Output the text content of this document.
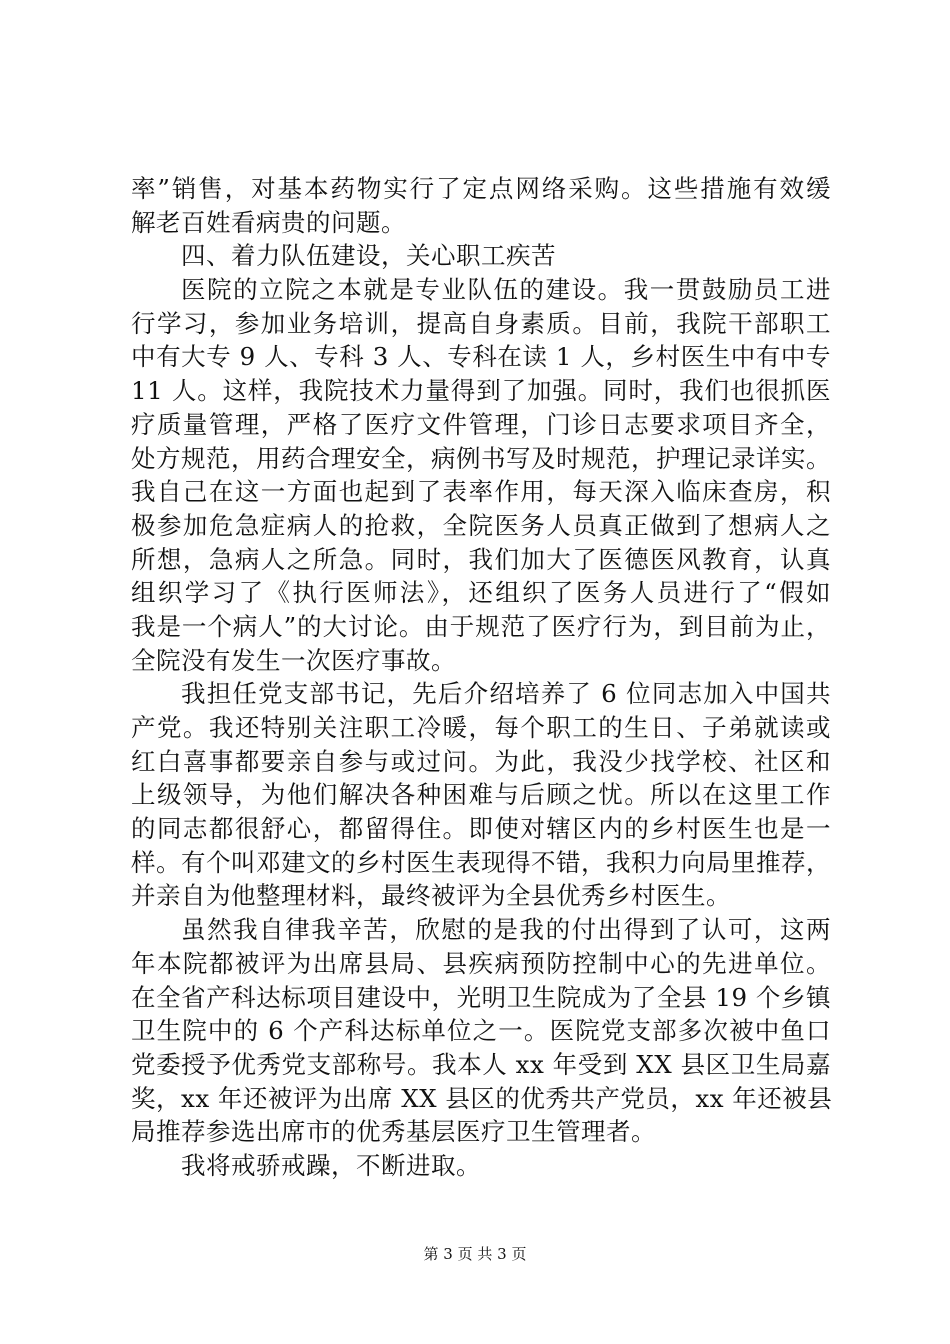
率”销售，对基本药物实行了定点网络采购。这些措施有效缓
解老百姓看病贵的问题。
四、着力队伍建设，关心职工疾苦
医院的立院之本就是专业队伍的建设。我一贯鼓励员工进
行学习，参加业务培训，提高自身素质。目前，我院干部职工
中有大专 9 人、专科 3 人、专科在读 1 人，乡村医生中有中专
11 人。这样，我院技术力量得到了加强。同时，我们也很抓医
疗质量管理，严格了医疗文件管理，门诊日志要求项目齐全，
处方规范，用药合理安全，病例书写及时规范，护理记录详实。
我自己在这一方面也起到了表率作用，每天深入临床查房，积
极参加危急症病人的抢救，全院医务人员真正做到了想病人之
所想，急病人之所急。同时，我们加大了医德医风教育，认真
组织学习了《执行医师法》，还组织了医务人员进行了“假如
我是一个病人”的大讨论。由于规范了医疗行为，到目前为止，
全院没有发生一次医疗事故。
我担任党支部书记，先后介绍培养了 6 位同志加入中国共
产党。我还特别关注职工冷暖，每个职工的生日、子弟就读或
红白喜事都要亲自参与或过问。为此，我没少找学校、社区和
上级领导，为他们解决各种困难与后顾之忧。所以在这里工作
的同志都很舒心，都留得住。即使对辖区内的乡村医生也是一
样。有个叫邓建文的乡村医生表现得不错，我积力向局里推荐，
并亲自为他整理材料，最终被评为全县优秀乡村医生。
虽然我自律我辛苦，欣慰的是我的付出得到了认可，这两
年本院都被评为出席县局、县疾病预防控制中心的先进单位。
在全省产科达标项目建设中，光明卫生院成为了全县 19 个乡镇
卫生院中的 6 个产科达标单位之一。医院党支部多次被中鱼口
党委授予优秀党支部称号。我本人 xx 年受到 XX 县区卫生局嘉
奖，xx 年还被评为出席 XX 县区的优秀共产党员，xx 年还被县
局推荐参选出席市的优秀基层医疗卫生管理者。
我将戒骄戒躁，不断进取。
第 3 页 共 3 页
